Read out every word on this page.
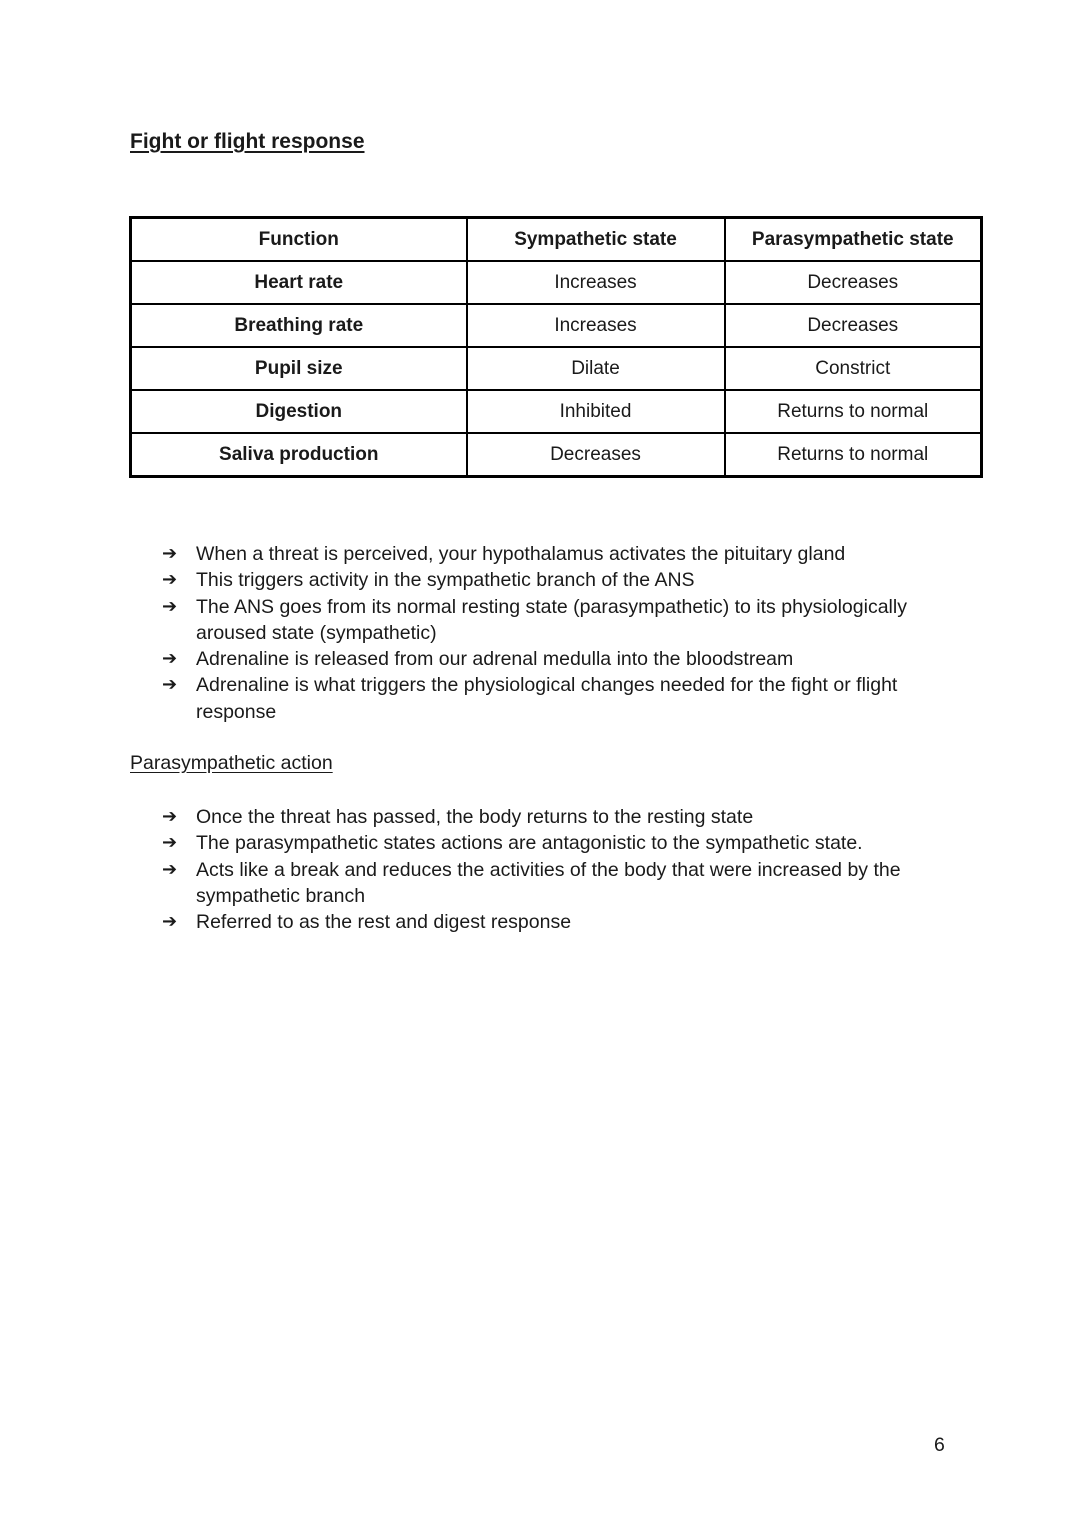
Fight or flight response
Function	Sympathetic state	Parasympathetic state
Heart rate	Increases	Decreases
Breathing rate	Increases	Decreases
Pupil size	Dilate	Constrict
Digestion	Inhibited	Returns to normal
Saliva production	Decreases	Returns to normal
➔ When a threat is perceived, your hypothalamus activates the pituitary gland
➔ This triggers activity in the sympathetic branch of the ANS
➔ The ANS goes from its normal resting state (parasympathetic) to its physiologically aroused state (sympathetic)
➔ Adrenaline is released from our adrenal medulla into the bloodstream
➔ Adrenaline is what triggers the physiological changes needed for the fight or flight response
Parasympathetic action
➔ Once the threat has passed, the body returns to the resting state
➔ The parasympathetic states actions are antagonistic to the sympathetic state.
➔ Acts like a break and reduces the activities of the body that were increased by the sympathetic branch
➔ Referred to as the rest and digest response
6
